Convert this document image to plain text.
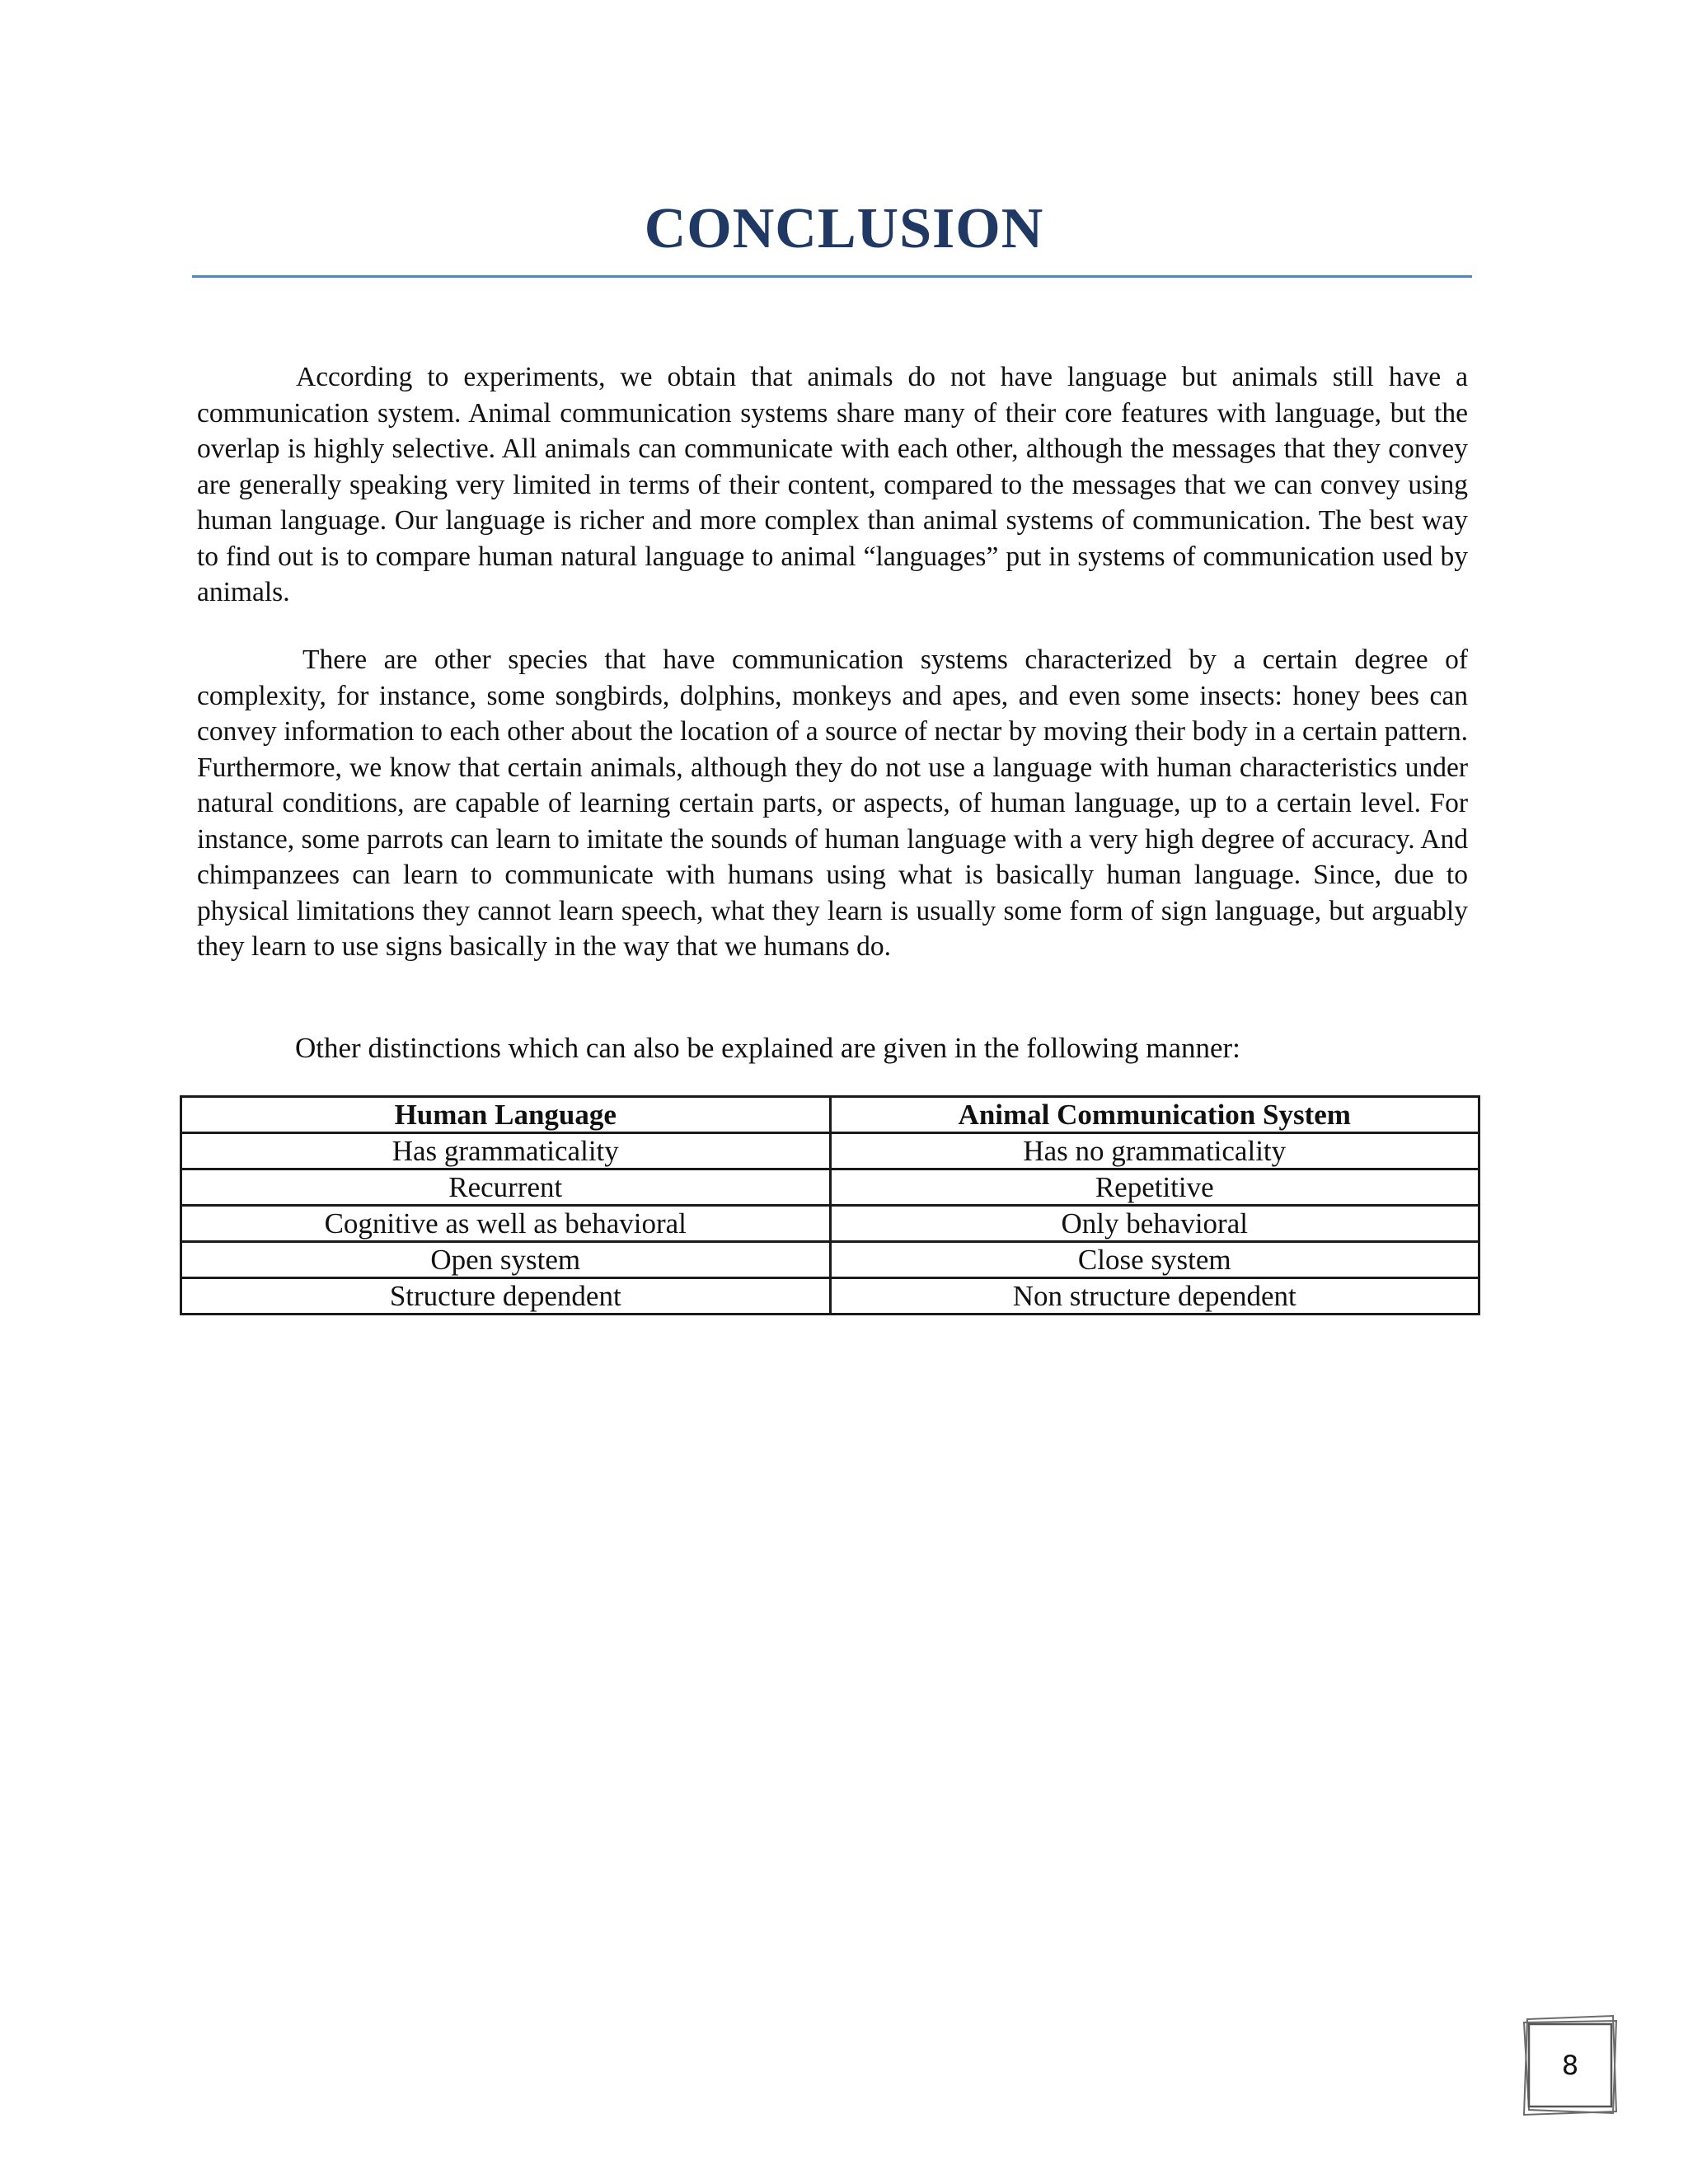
CONCLUSION

According to experiments, we obtain that animals do not have language but animals still have a communication system. Animal communication systems share many of their core features with language, but the overlap is highly selective. All animals can communicate with each other, although the messages that they convey are generally speaking very limited in terms of their content, compared to the messages that we can convey using human language. Our language is richer and more complex than animal systems of communication. The best way to find out is to compare human natural language to animal “languages” put in systems of communication used by animals.

There are other species that have communication systems characterized by a certain degree of complexity, for instance, some songbirds, dolphins, monkeys and apes, and even some insects: honey bees can convey information to each other about the location of a source of nectar by moving their body in a certain pattern. Furthermore, we know that certain animals, although they do not use a language with human characteristics under natural conditions, are capable of learning certain parts, or aspects, of human language, up to a certain level. For instance, some parrots can learn to imitate the sounds of human language with a very high degree of accuracy. And chimpanzees can learn to communicate with humans using what is basically human language. Since, due to physical limitations they cannot learn speech, what they learn is usually some form of sign language, but arguably they learn to use signs basically in the way that we humans do.

Other distinctions which can also be explained are given in the following manner:

Human Language	Animal Communication System
Has grammaticality	Has no grammaticality
Recurrent	Repetitive
Cognitive as well as behavioral	Only behavioral
Open system	Close system
Structure dependent	Non structure dependent
8
